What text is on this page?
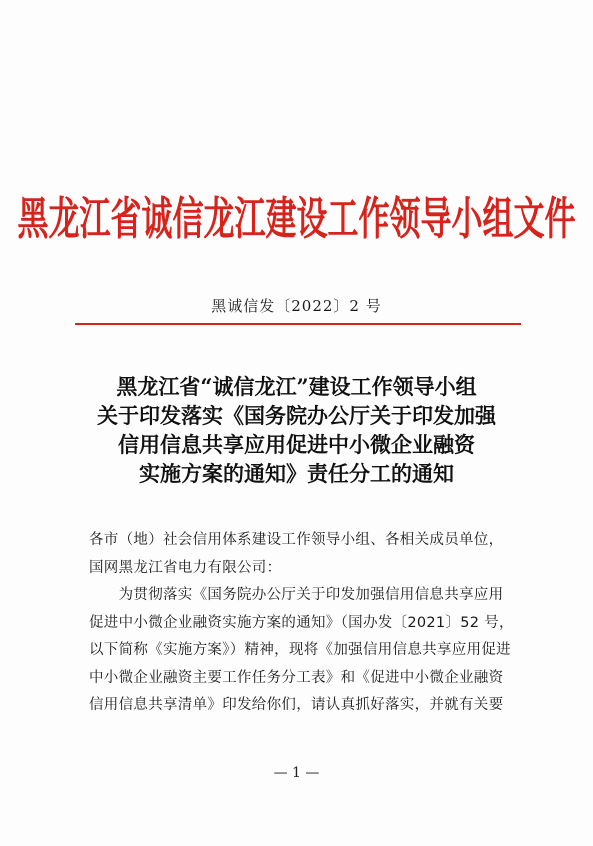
黑龙江省诚信龙江建设工作领导小组文件
黑诚信发〔2022〕2 号
黑龙江省“诚信龙江”建设工作领导小组
关于印发落实《国务院办公厅关于印发加强
信用信息共享应用促进中小微企业融资
实施方案的通知》责任分工的通知
各市（地）社会信用体系建设工作领导小组、各相关成员单位，
国网黑龙江省电力有限公司：
　　为贯彻落实《国务院办公厅关于印发加强信用信息共享应用
促进中小微企业融资实施方案的通知》（国办发〔2021〕52 号，
以下简称《实施方案》）精神，现将《加强信用信息共享应用促进
中小微企业融资主要工作任务分工表》和《促进中小微企业融资
信用信息共享清单》印发给你们，请认真抓好落实，并就有关要
— 1 —
